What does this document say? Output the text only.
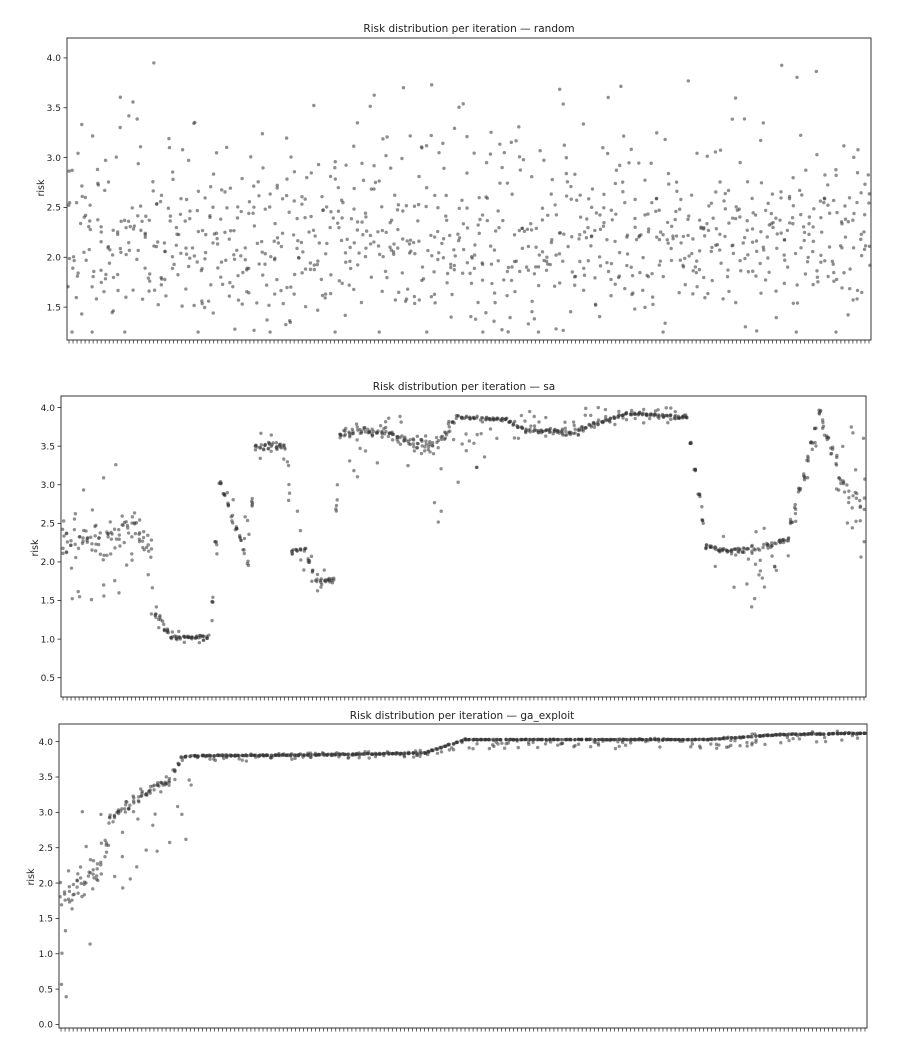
Risk distribution per iteration — random
risk
1.5
2.0
2.5
3.0
3.5
4.0
Risk distribution per iteration — sa
risk
0.5
1.0
1.5
2.0
2.5
3.0
3.5
4.0
Risk distribution per iteration — ga_exploit
risk
0.0
0.5
1.0
1.5
2.0
2.5
3.0
3.5
4.0
